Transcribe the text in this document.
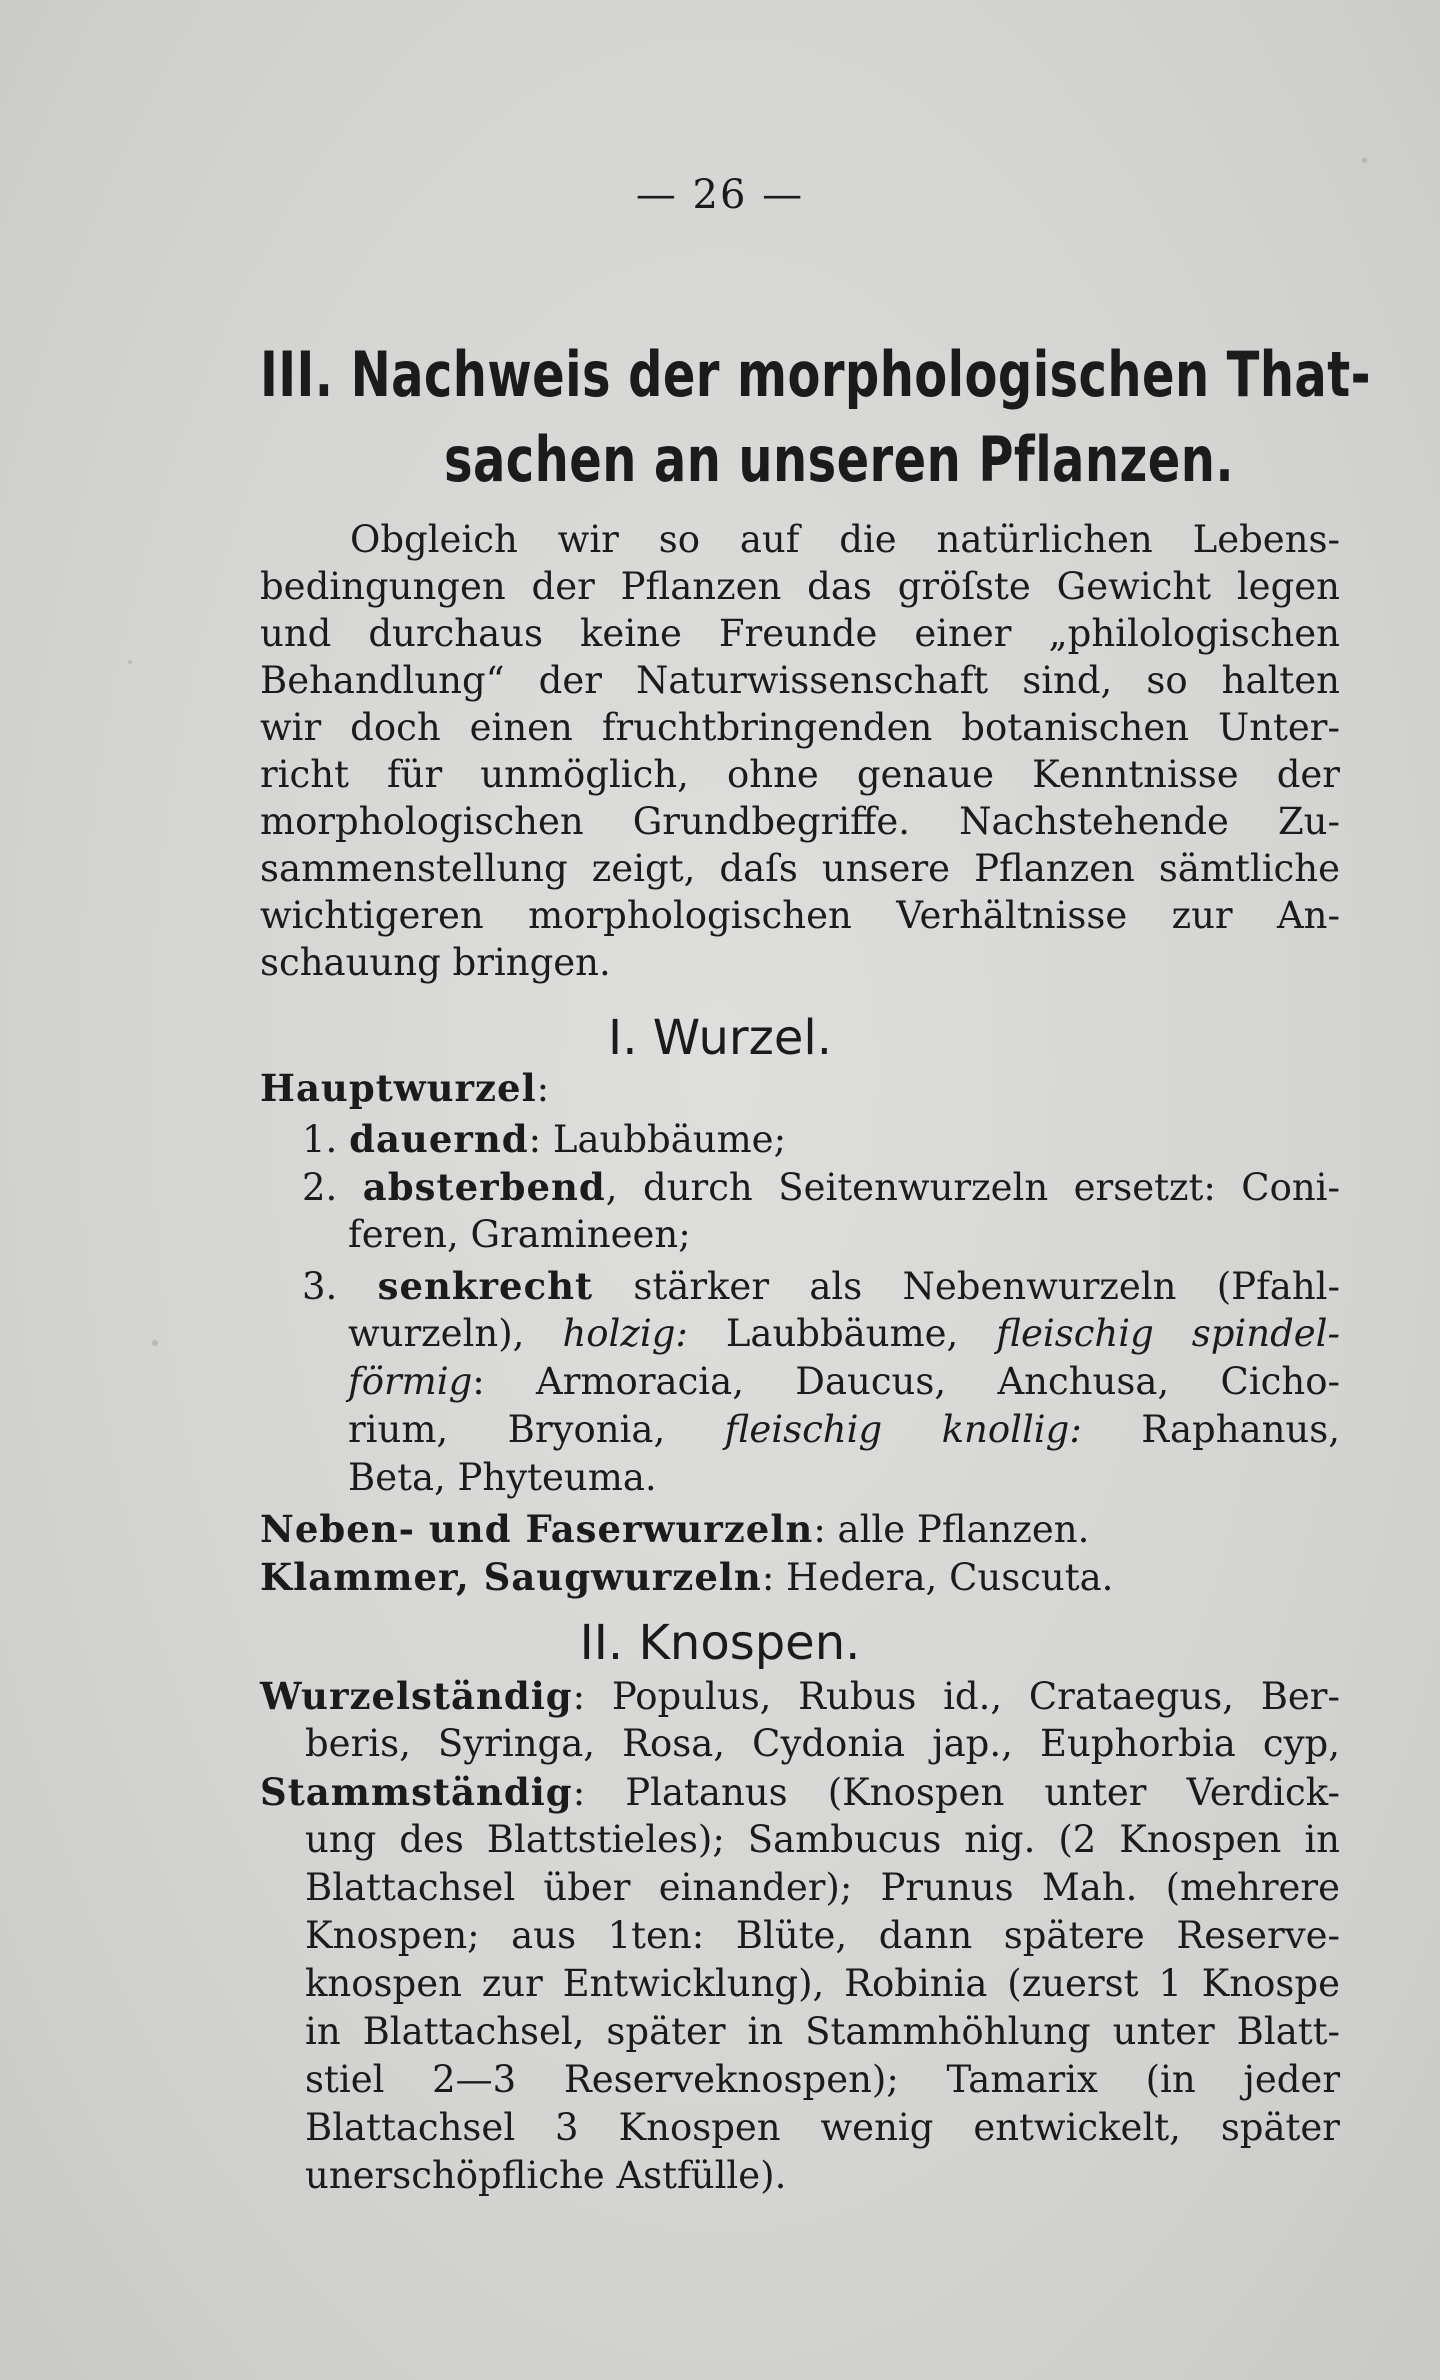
— 26 —
III. Nachweis der morphologischen That-
sachen an unseren Pflanzen.
Obgleich wir so auf die natürlichen Lebens-
bedingungen der Pflanzen das gröſste Gewicht legen
und durchaus keine Freunde einer „philologischen
Behandlung“ der Naturwissenschaft sind, so halten
wir doch einen fruchtbringenden botanischen Unter-
richt für unmöglich, ohne genaue Kenntnisse der
morphologischen Grundbegriffe. Nachstehende Zu-
sammenstellung zeigt, daſs unsere Pflanzen sämtliche
wichtigeren morphologischen Verhältnisse zur An-
schauung bringen.
I. Wurzel.
Hauptwurzel:
1. dauernd: Laubbäume;
2. absterbend, durch Seitenwurzeln ersetzt: Coni-
feren, Gramineen;
3. senkrecht stärker als Nebenwurzeln (Pfahl-
wurzeln), holzig: Laubbäume, fleischig spindel-
förmig: Armoracia, Daucus, Anchusa, Cicho-
rium, Bryonia, fleischig knollig: Raphanus,
Beta, Phyteuma.
Neben- und Faserwurzeln: alle Pflanzen.
Klammer, Saugwurzeln: Hedera, Cuscuta.
II. Knospen.
Wurzelständig: Populus, Rubus id., Crataegus, Ber-
beris, Syringa, Rosa, Cydonia jap., Euphorbia cyp,
Stammständig: Platanus (Knospen unter Verdick-
ung des Blattstieles); Sambucus nig. (2 Knospen in
Blattachsel über einander); Prunus Mah. (mehrere
Knospen; aus 1ten: Blüte, dann spätere Reserve-
knospen zur Entwicklung), Robinia (zuerst 1 Knospe
in Blattachsel, später in Stammhöhlung unter Blatt-
stiel 2—3 Reserveknospen); Tamarix (in jeder
Blattachsel 3 Knospen wenig entwickelt, später
unerschöpfliche Astfülle).
